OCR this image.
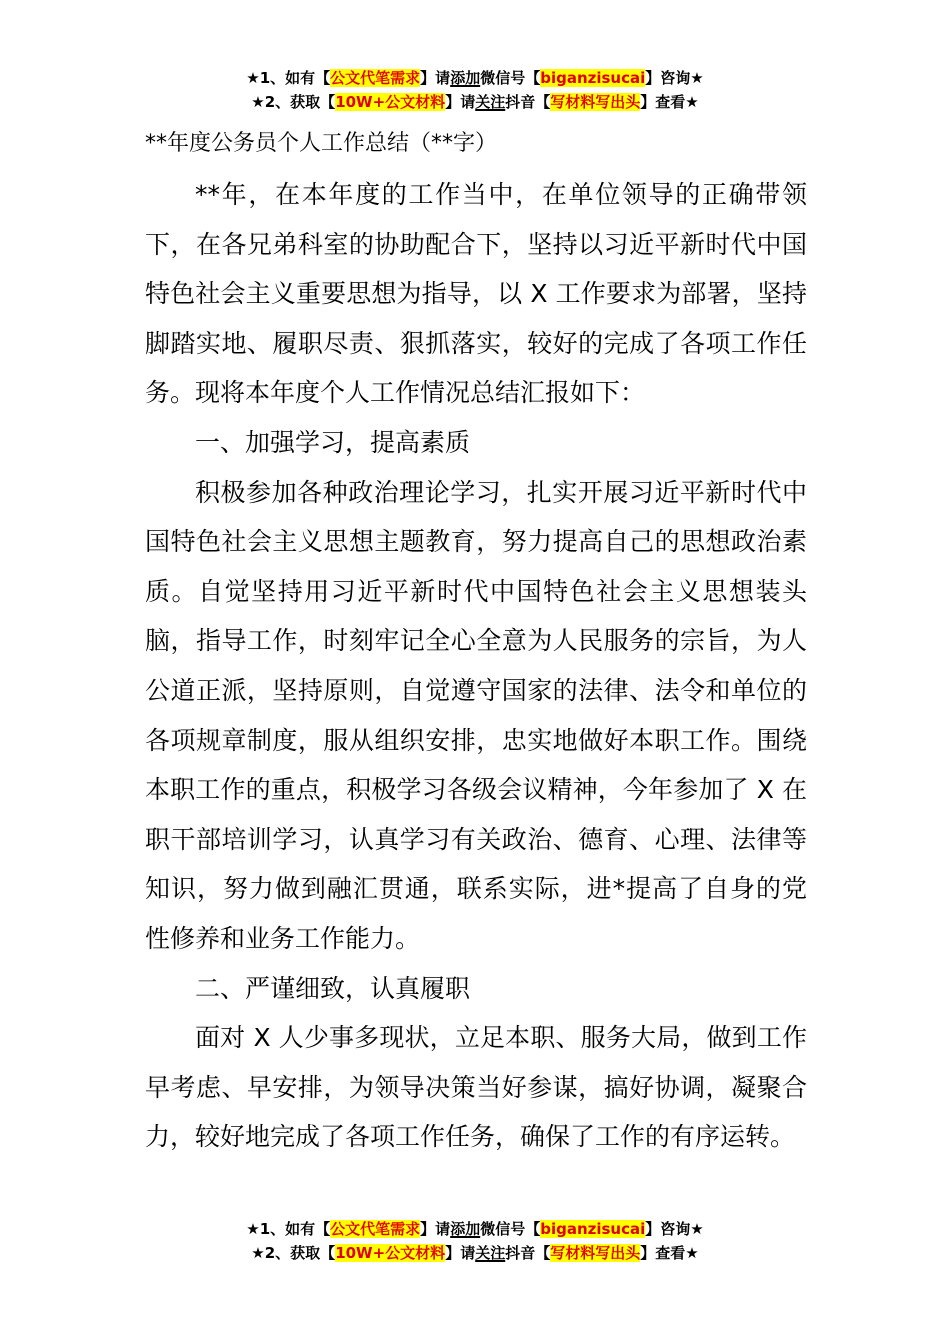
★1、如有【公文代笔需求】请添加微信号【biganzisucai】咨询★
★2、获取【10W+公文材料】请关注抖音【写材料写出头】查看★
**年度公务员个人工作总结（**字）

**年，在本年度的工作当中，在单位领导的正确带领下，在各兄弟科室的协助配合下，坚持以习近平新时代中国特色社会主义重要思想为指导，以 X 工作要求为部署，坚持脚踏实地、履职尽责、狠抓落实，较好的完成了各项工作任务。现将本年度个人工作情况总结汇报如下：

一、加强学习，提高素质

积极参加各种政治理论学习，扎实开展习近平新时代中国特色社会主义思想主题教育，努力提高自己的思想政治素质。自觉坚持用习近平新时代中国特色社会主义思想装头脑，指导工作，时刻牢记全心全意为人民服务的宗旨，为人公道正派，坚持原则，自觉遵守国家的法律、法令和单位的各项规章制度，服从组织安排，忠实地做好本职工作。围绕本职工作的重点，积极学习各级会议精神，今年参加了 X 在职干部培训学习，认真学习有关政治、德育、心理、法律等知识，努力做到融汇贯通，联系实际，进*提高了自身的党性修养和业务工作能力。

二、严谨细致，认真履职

面对 X 人少事多现状，立足本职、服务大局，做到工作早考虑、早安排，为领导决策当好参谋，搞好协调，凝聚合力，较好地完成了各项工作任务，确保了工作的有序运转。

★1、如有【公文代笔需求】请添加微信号【biganzisucai】咨询★
★2、获取【10W+公文材料】请关注抖音【写材料写出头】查看★
